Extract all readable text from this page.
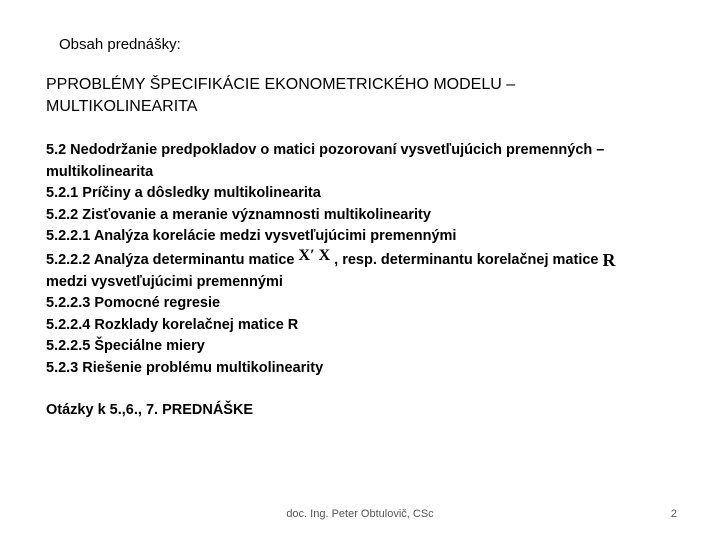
Obsah prednášky:
PPROBLÉMY ŠPECIFIKÁCIE EKONOMETRICKÉHO MODELU –
MULTIKOLINEARITA
5.2 Nedodržanie predpokladov o matici pozorovaní vysvetľujúcich premenných –
multikolinearita
5.2.1 Príčiny a dôsledky multikolinearita
5.2.2 Zisťovanie a meranie významnosti multikolinearity
5.2.2.1 Analýza korelácie medzi vysvetľujúcimi premennými
5.2.2.2 Analýza determinantu matice X′ X , resp. determinantu korelačnej matice R
medzi vysvetľujúcimi premennými
5.2.2.3 Pomocné regresie
5.2.2.4 Rozklady korelačnej matice R
5.2.2.5 Špeciálne miery
5.2.3 Riešenie problému multikolinearity
Otázky k 5.,6., 7. PREDNÁŠKE
doc. Ing. Peter Obtulovič, CSc	2
